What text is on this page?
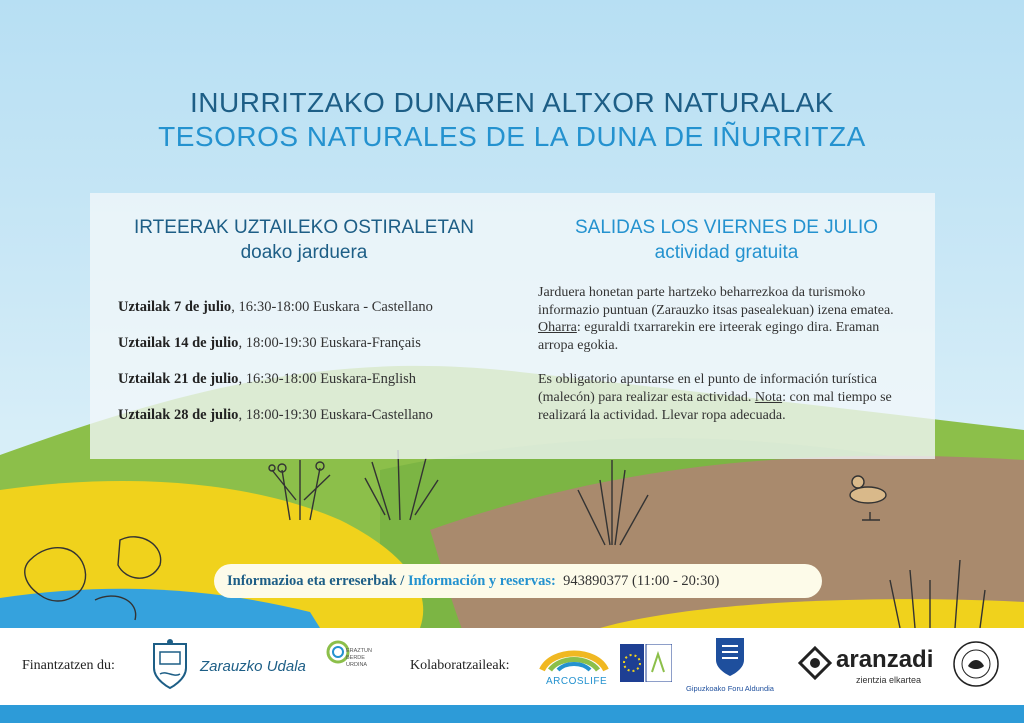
INURRITZAKO DUNAREN ALTXOR NATURALAK
TESOROS NATURALES DE LA DUNA DE IÑURRITZA
IRTEERAK UZTAILEKO OSTIRALETAN
doako jarduera
SALIDAS LOS VIERNES DE JULIO
actividad gratuita
Uztailak 7 de julio, 16:30-18:00 Euskara - Castellano
Uztailak 14 de julio, 18:00-19:30 Euskara-Français
Uztailak 21 de julio, 16:30-18:00 Euskara-English
Uztailak 28 de julio, 18:00-19:30 Euskara-Castellano

Jarduera honetan parte hartzeko beharrezkoa da turismoko informazio puntuan (Zarauzko itsas pasealekuan) izena ematea. Oharra: eguraldi txarrarekin ere irteerak egingo dira. Eraman arropa egokia.

Es obligatorio apuntarse en el punto de información turística (malecón) para realizar esta actividad. Nota: con mal tiempo se realizará la actividad. Llevar ropa adecuada.

Informazioa eta erreserbak / Información y reservas: 943890377 (11:00 - 20:30)
Finantzatzen du:	Zarauzko Udala
ERAZTUN
BERDE
URDINA	Kolaboratzaileak:
ARCOSLIFE
Gipuzkoako Foru Aldundia
aranzadi
zientzia elkartea
